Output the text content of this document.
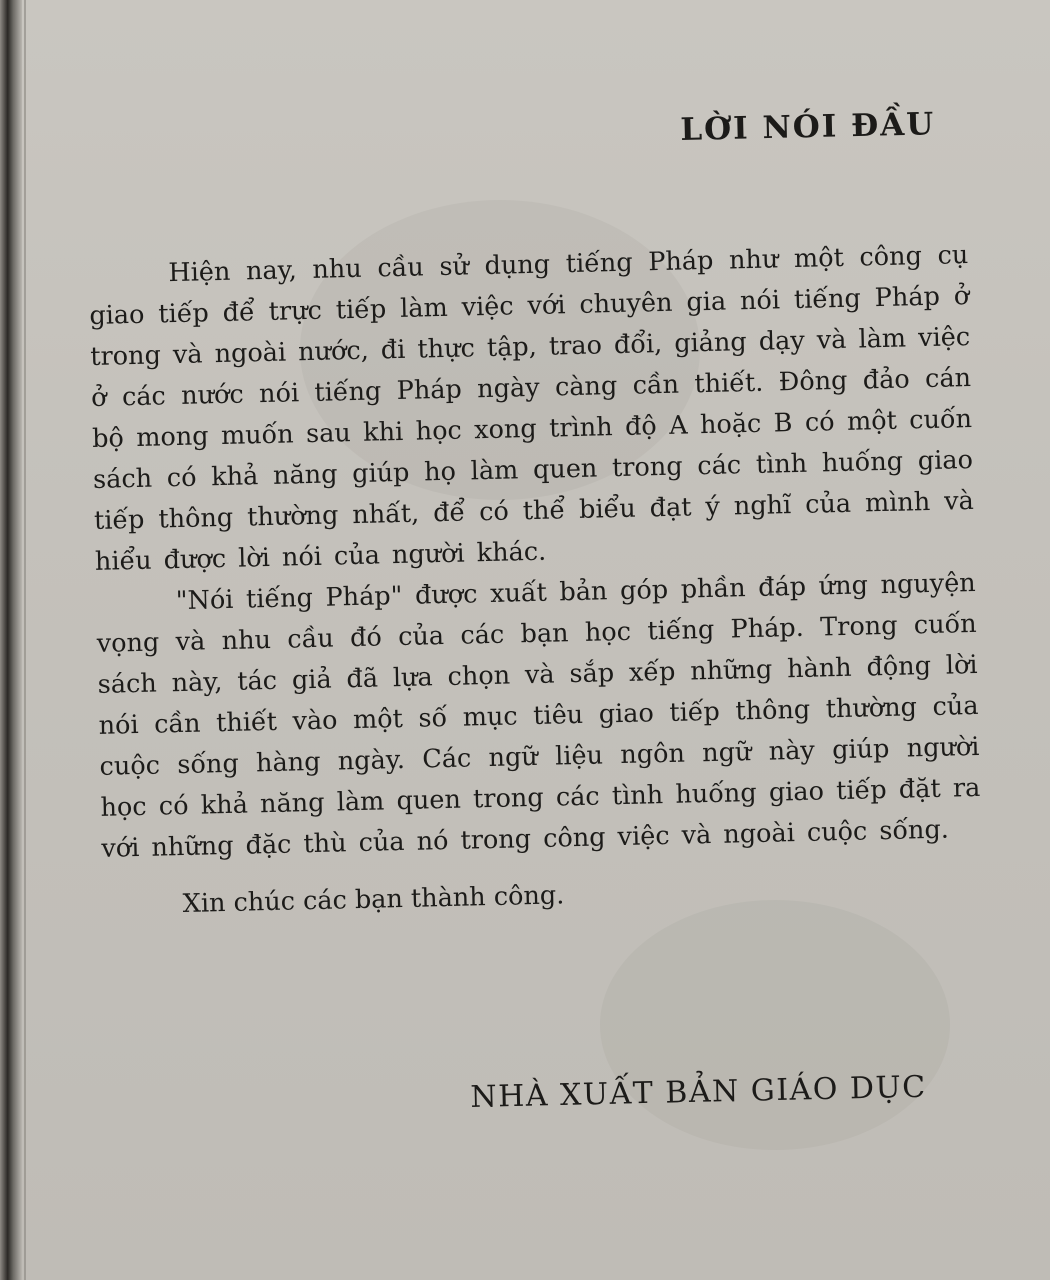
LỜI NÓI ĐẦU

Hiện nay, nhu cầu sử dụng tiếng Pháp như một công cụ giao tiếp để trực tiếp làm việc với chuyên gia nói tiếng Pháp ở trong và ngoài nước, đi thực tập, trao đổi, giảng dạy và làm việc ở các nước nói tiếng Pháp ngày càng cần thiết. Đông đảo cán bộ mong muốn sau khi học xong trình độ A hoặc B có một cuốn sách có khả năng giúp họ làm quen trong các tình huống giao tiếp thông thường nhất, để có thể biểu đạt ý nghĩ của mình và hiểu được lời nói của người khác.

"Nói tiếng Pháp" được xuất bản góp phần đáp ứng nguyện vọng và nhu cầu đó của các bạn học tiếng Pháp. Trong cuốn sách này, tác giả đã lựa chọn và sắp xếp những hành động lời nói cần thiết vào một số mục tiêu giao tiếp thông thường của cuộc sống hàng ngày. Các ngữ liệu ngôn ngữ này giúp người học có khả năng làm quen trong các tình huống giao tiếp đặt ra với những đặc thù của nó trong công việc và ngoài cuộc sống.

Xin chúc các bạn thành công.

NHÀ XUẤT BẢN GIÁO DỤC
